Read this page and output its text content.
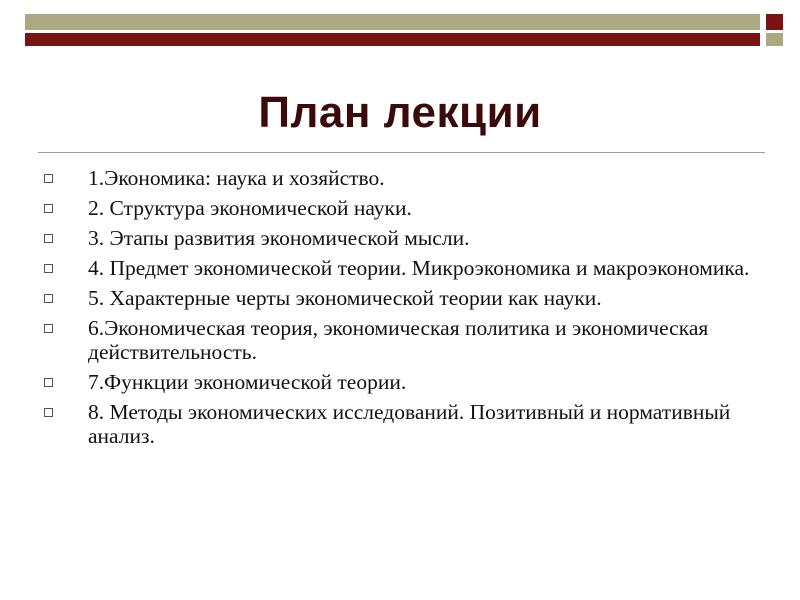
План лекции
1.Экономика: наука и хозяйство.
2. Структура экономической науки.
3. Этапы развития экономической мысли.
4. Предмет экономической теории. Микроэкономика и макроэкономика.
5. Характерные черты экономической теории как науки.
6.Экономическая теория, экономическая политика и экономическая действительность.
7.Функции экономической теории.
8. Методы экономических исследований. Позитивный и нормативный анализ.
